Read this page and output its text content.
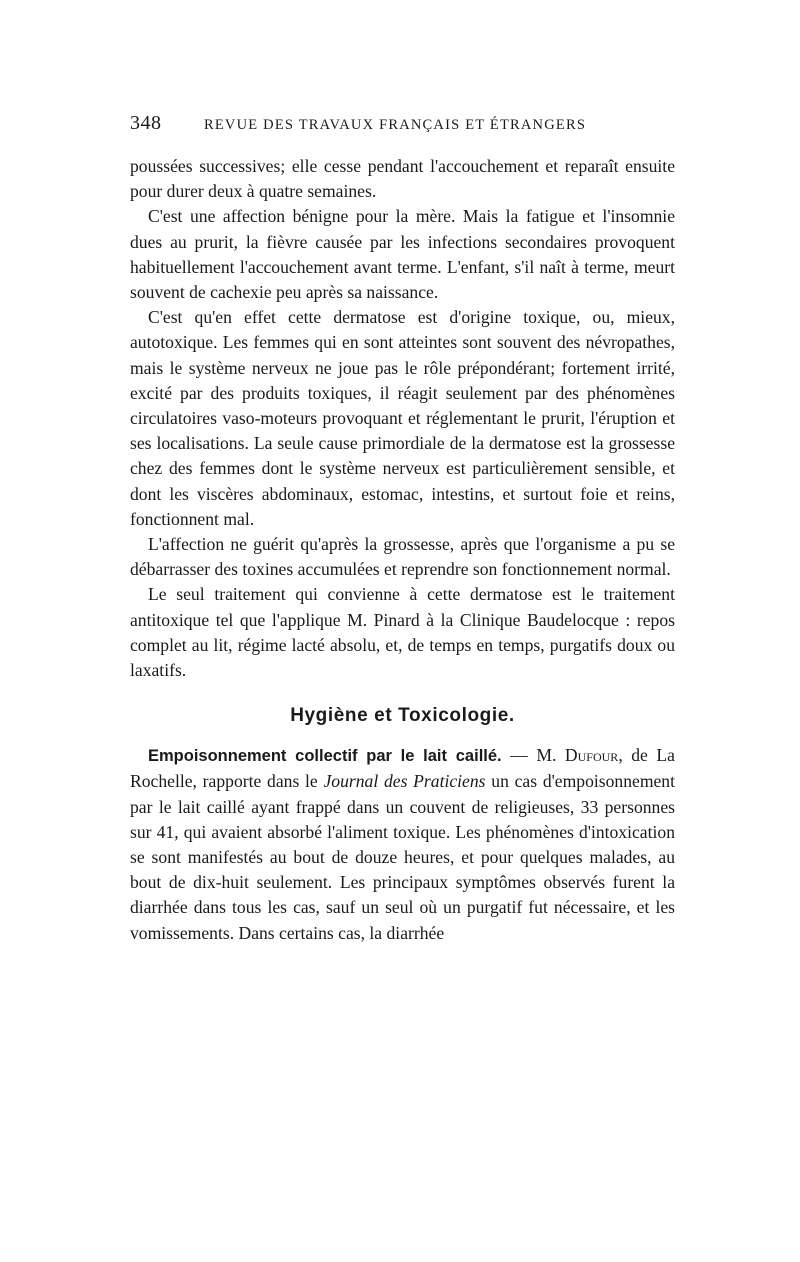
348	REVUE DES TRAVAUX FRANÇAIS ET ÉTRANGERS

poussées successives; elle cesse pendant l'accouchement et reparaît ensuite pour durer deux à quatre semaines.

C'est une affection bénigne pour la mère. Mais la fatigue et l'insomnie dues au prurit, la fièvre causée par les infections secondaires provoquent habituellement l'accouchement avant terme. L'enfant, s'il naît à terme, meurt souvent de cachexie peu après sa naissance.

C'est qu'en effet cette dermatose est d'origine toxique, ou, mieux, autotoxique. Les femmes qui en sont atteintes sont souvent des névropathes, mais le système nerveux ne joue pas le rôle prépondérant; fortement irrité, excité par des produits toxiques, il réagit seulement par des phénomènes circulatoires vaso-moteurs provoquant et réglementant le prurit, l'éruption et ses localisations. La seule cause primordiale de la dermatose est la grossesse chez des femmes dont le système nerveux est particulièrement sensible, et dont les viscères abdominaux, estomac, intestins, et surtout foie et reins, fonctionnent mal.

L'affection ne guérit qu'après la grossesse, après que l'organisme a pu se débarrasser des toxines accumulées et reprendre son fonctionnement normal.

Le seul traitement qui convienne à cette dermatose est le traitement antitoxique tel que l'applique M. Pinard à la Clinique Baudelocque : repos complet au lit, régime lacté absolu, et, de temps en temps, purgatifs doux ou laxatifs.

Hygiène et Toxicologie.

Empoisonnement collectif par le lait caillé. — M. Dufour, de La Rochelle, rapporte dans le Journal des Praticiens un cas d'empoisonnement par le lait caillé ayant frappé dans un couvent de religieuses, 33 personnes sur 41, qui avaient absorbé l'aliment toxique. Les phénomènes d'intoxication se sont manifestés au bout de douze heures, et pour quelques malades, au bout de dix-huit seulement. Les principaux symptômes observés furent la diarrhée dans tous les cas, sauf un seul où un purgatif fut nécessaire, et les vomissements. Dans certains cas, la diarrhée
